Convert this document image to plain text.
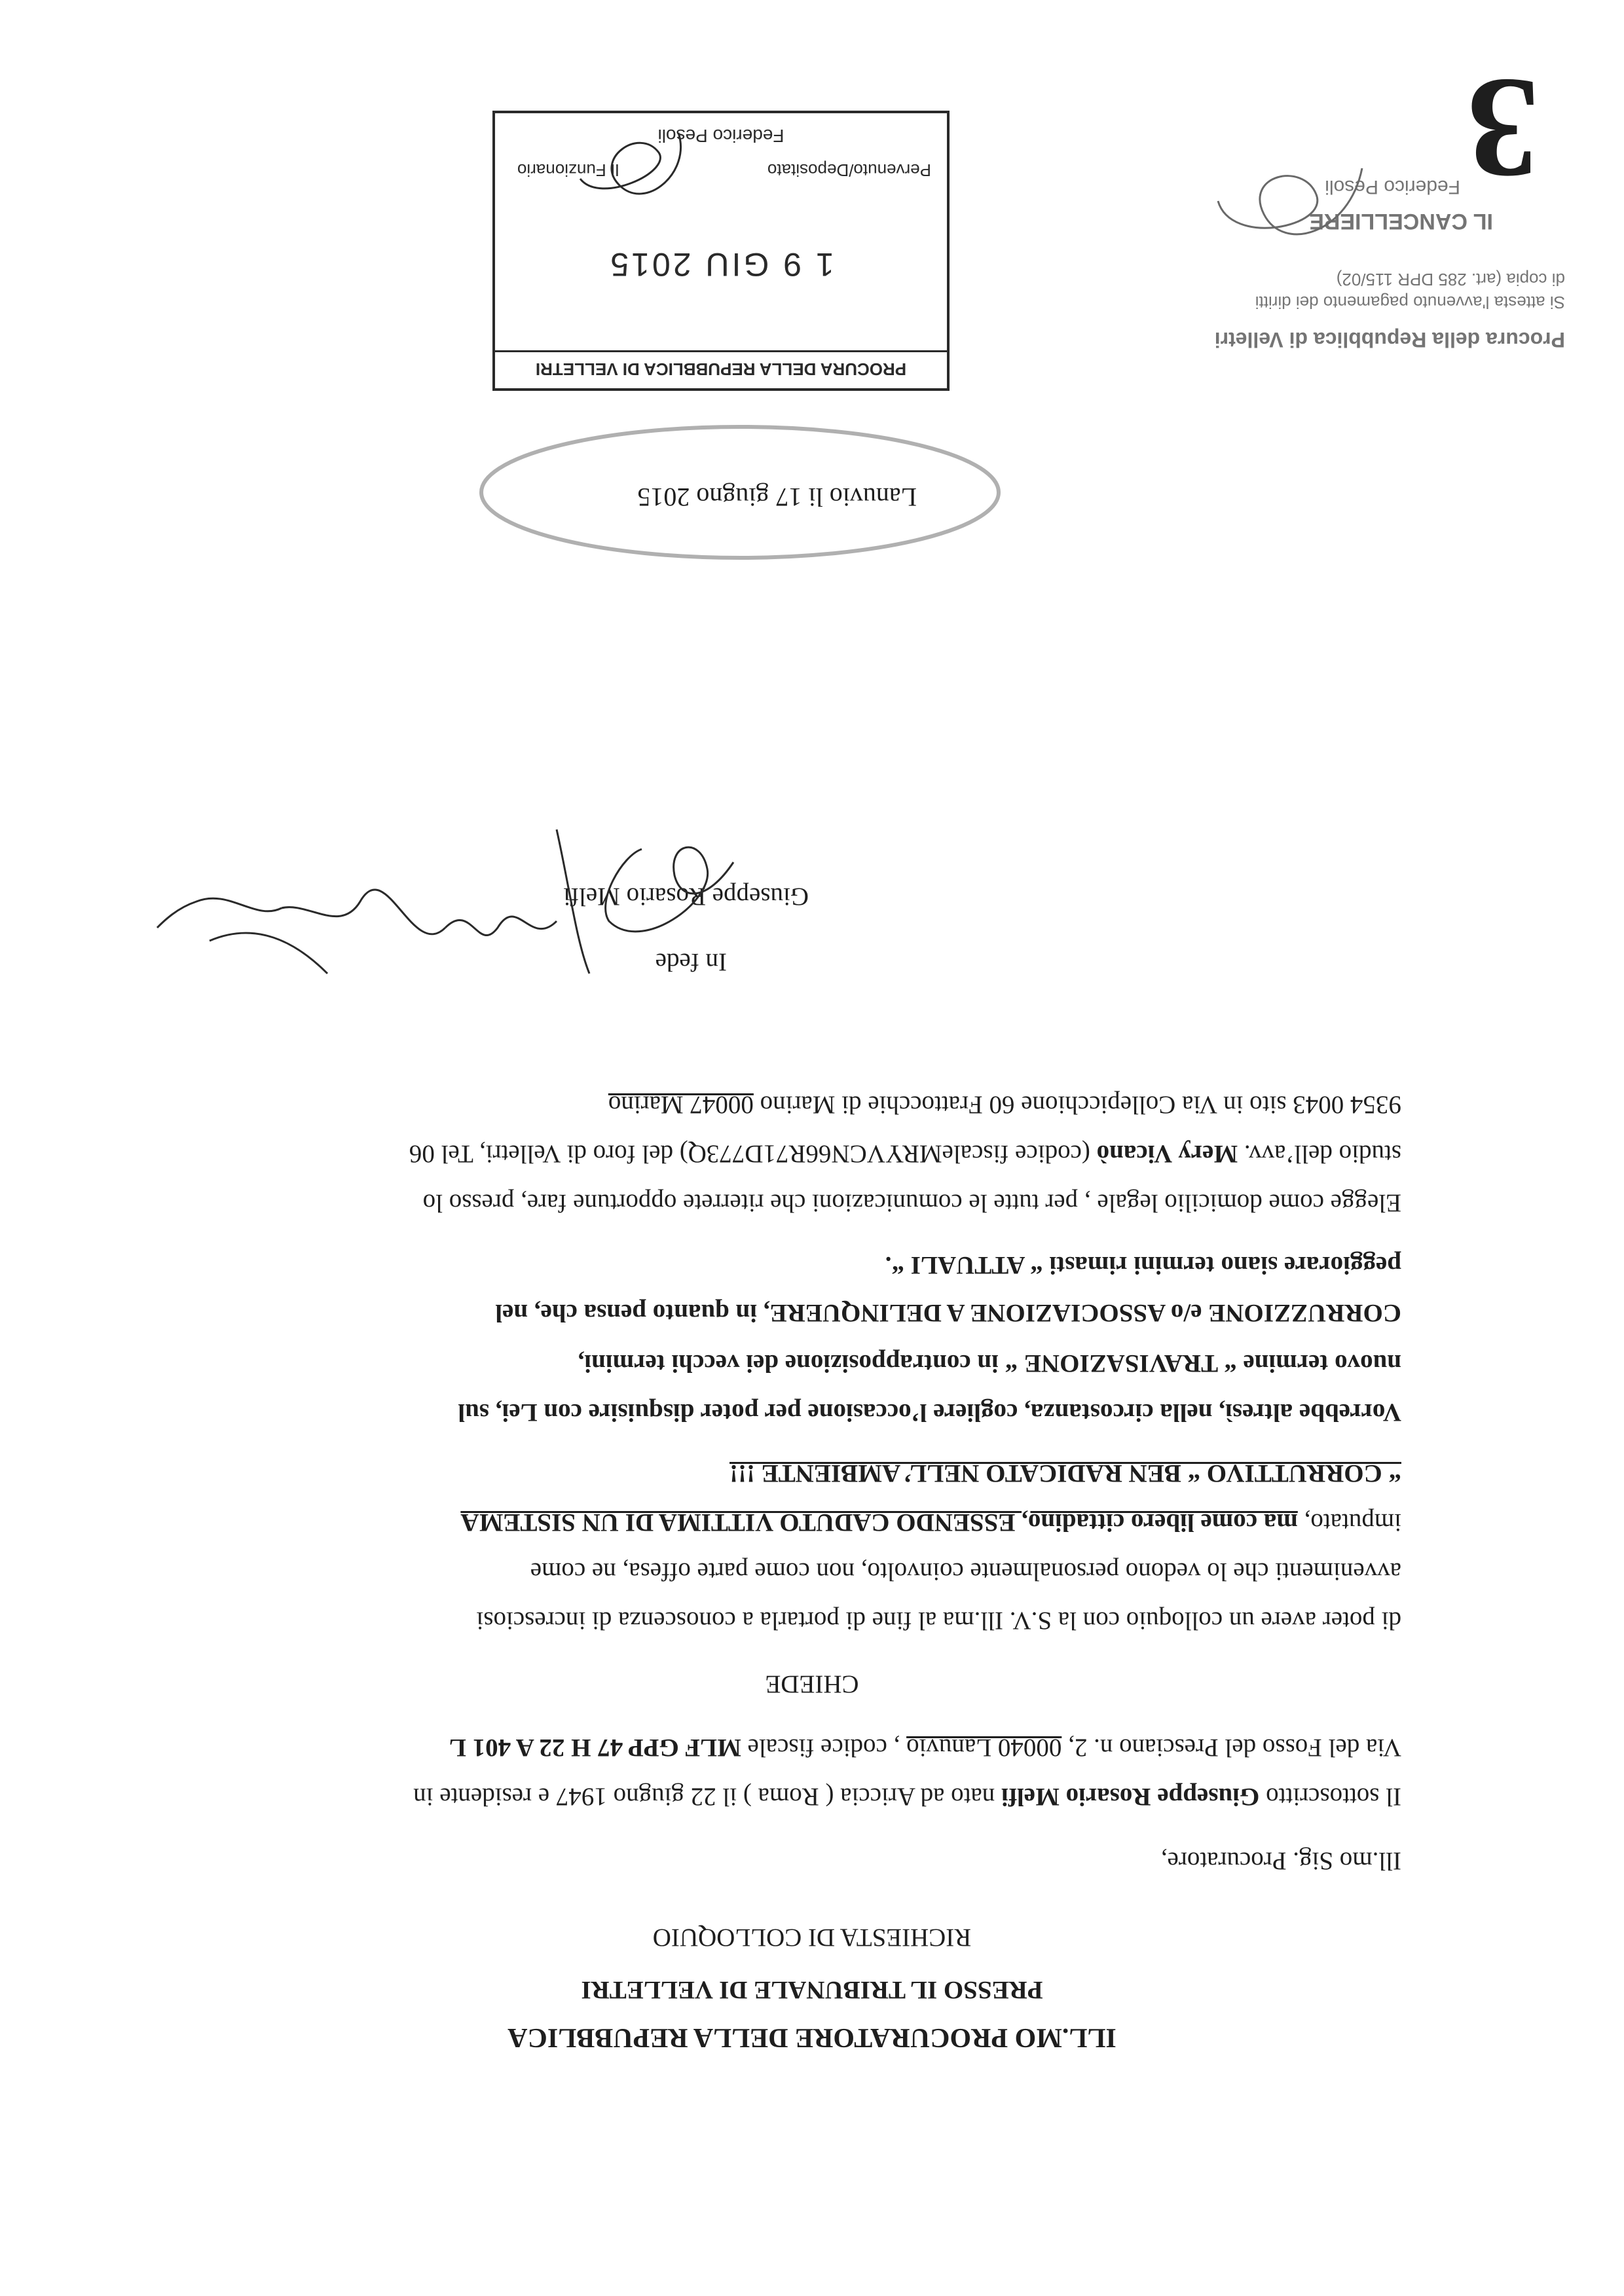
3
ILL.MO PROCURATORE DELLA REPUBBLICA
PRESSO IL TRIBUNALE DI VELLETRI
RICHIESTA DI COLLOQUIO
Ill.mo Sig. Procuratore,
Il sottoscritto Giuseppe Rosario Melfi nato ad Ariccia ( Roma ) il 22 giugno 1947 e residente in
Via del Fosso del Presciano n. 2, 00040 Lanuvio , codice fiscale MLF GPP 47 H 22 A 401 L
CHIEDE
di poter avere un colloquio con la S.V. Ill.ma al fine di portarla a conoscenza di incresciosi
avvenimenti che lo vedono personalmente coinvolto, non come parte offesa, ne come
imputato, ma come libero cittadino, ESSENDO CADUTO VITTIMA DI UN SISTEMA
“ CORRUTTIVO “ BEN RADICATO NELL’ AMBIENTE !!!
Vorrebbe altresì, nella circostanza, cogliere l’occasione per poter disquisire con Lei, sul
nuovo termine “ TRAVISAZIONE “ in contrapposizione dei vecchi termini,
CORRUZZIONE e/o ASSOCIAZIONE A DELINQUERE, in quanto pensa che, nel
peggiorare siano termini rimasti “ ATTUALI “.
Elegge come domicilio legale , per tutte le comunicazioni che riterrete opportune fare, presso lo
studio dell’avv. Mery Vicanò (codice fiscaleMRYVCN66R71D773Q) del foro di Velletri, Tel 06
9354 0043 sito in Via Collepicchione 60 Frattocchie di Marino 00047 Marino
In fede
Giuseppe Rosario Melfi
Lanuvio li 17 giugno 2015
PROCURA DELLA REPUBBLICA DI VELLETRI
1 9 GIU 2015
Pervenuto/Depositato
Il Funzionario
Federico Pesoli
Procura della Repubblica di Velletri
Si attesta l'avvenuto pagamento dei diritti
di copia (art. 285 DPR 115/02)
IL CANCELLIERE
Federico Pesoli
